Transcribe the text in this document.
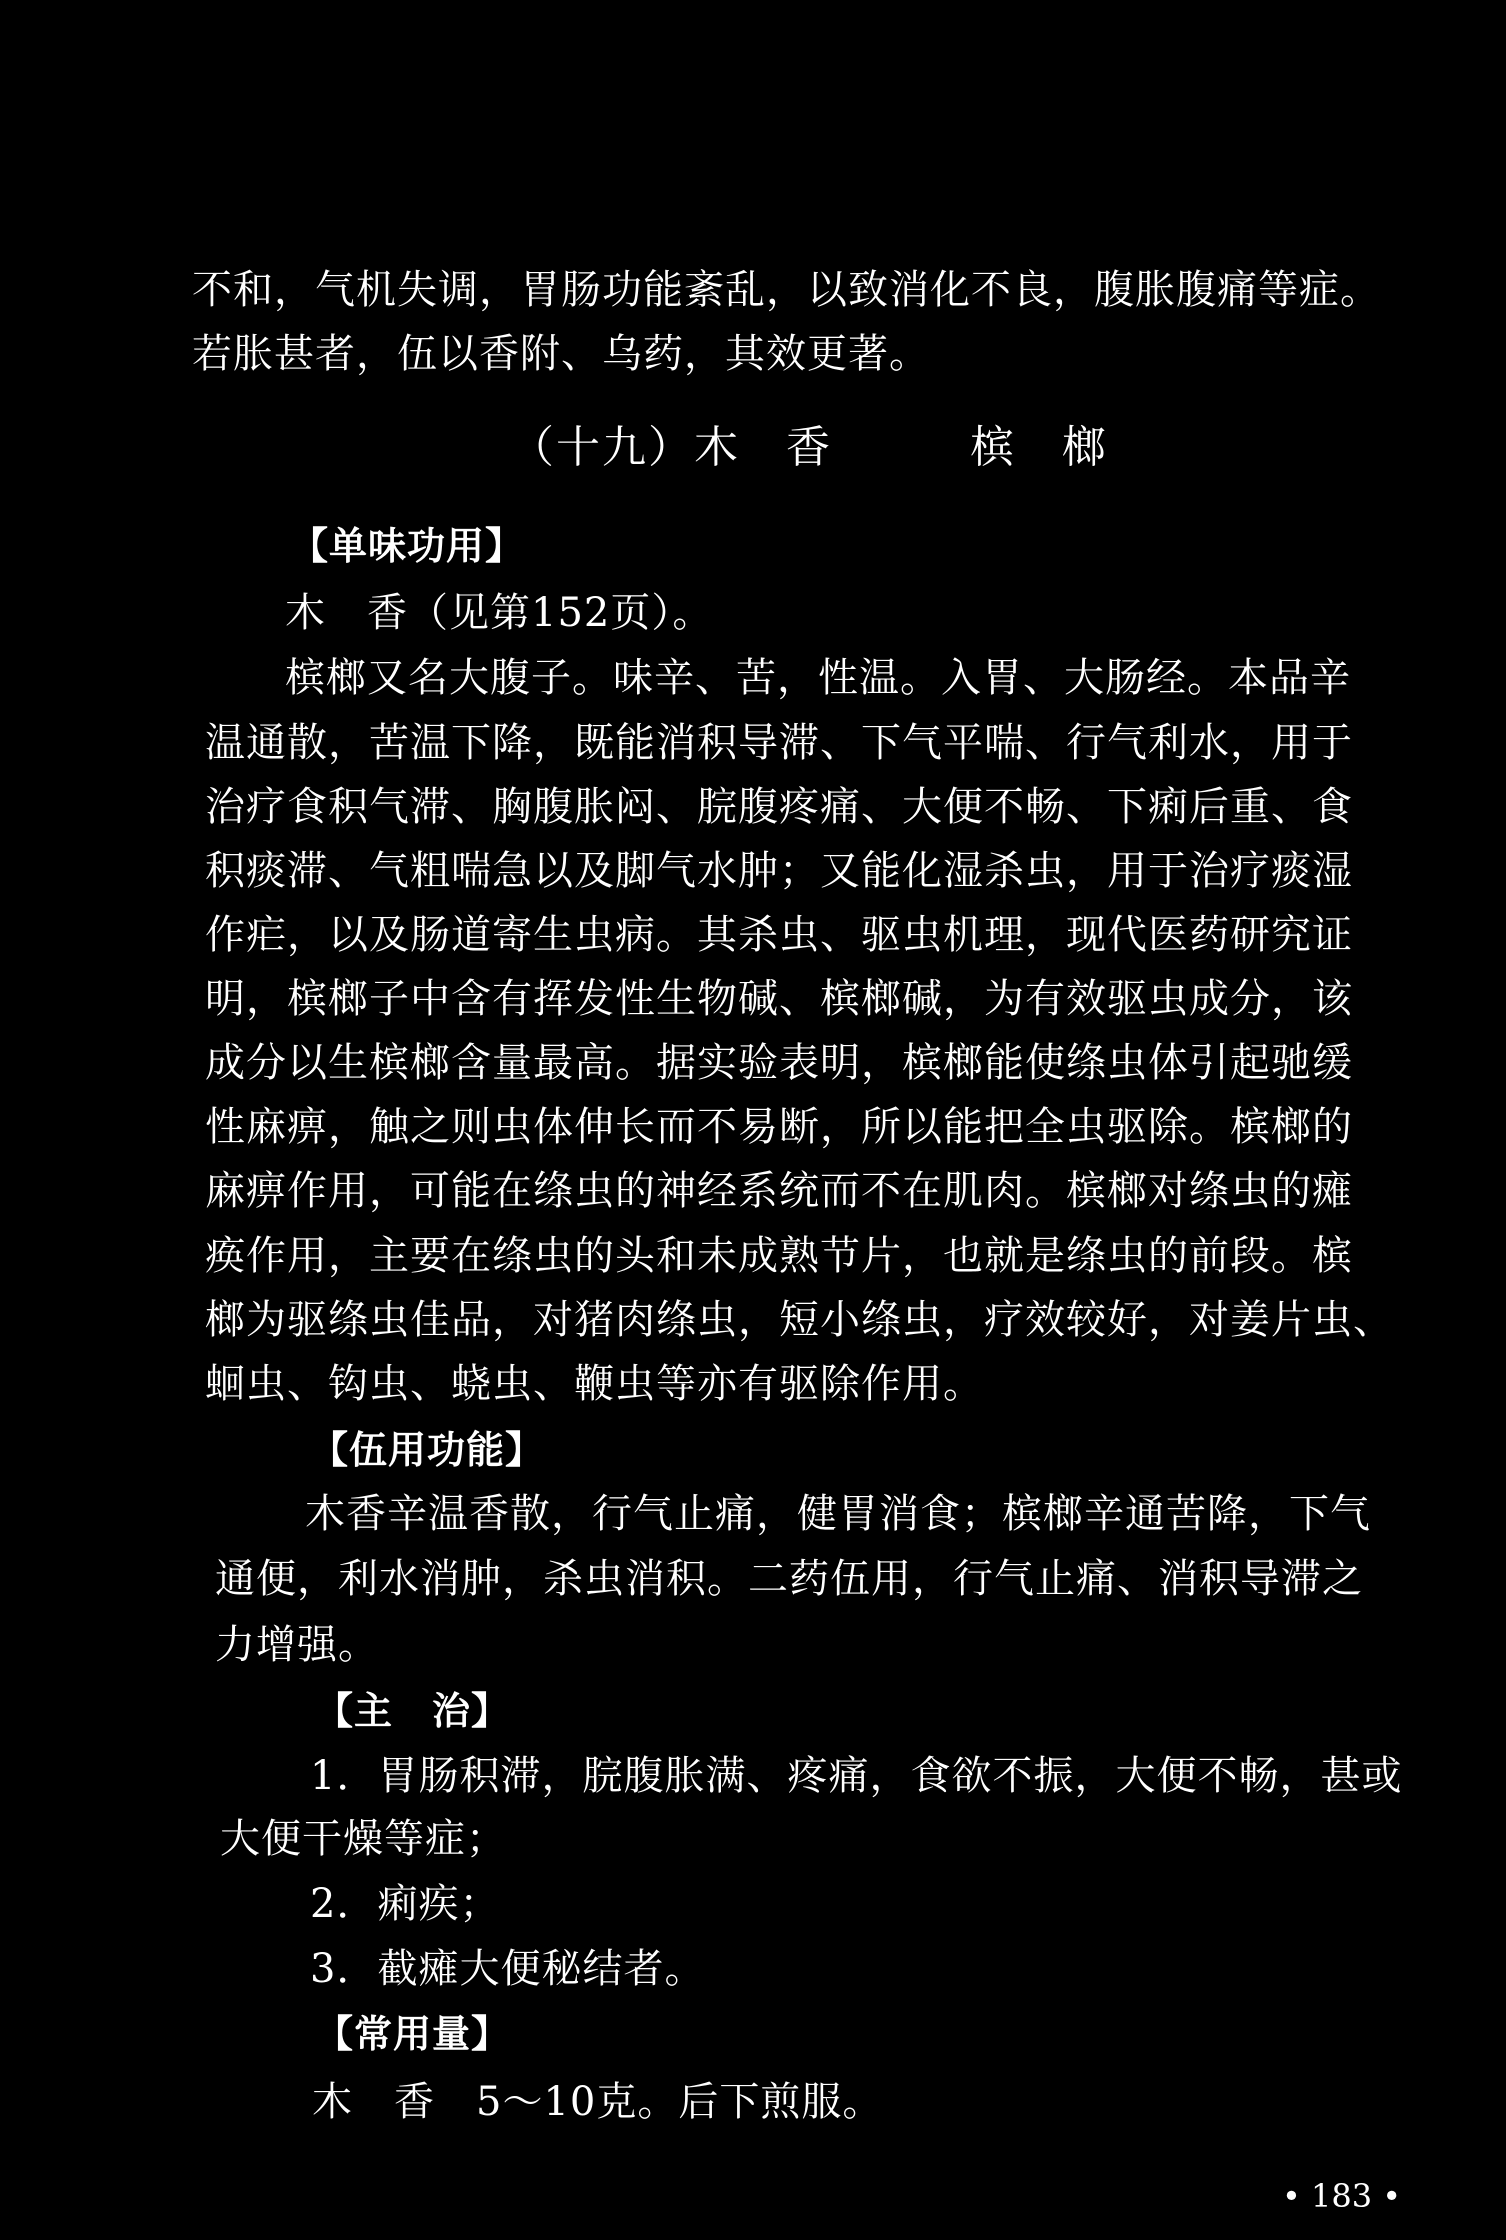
不和，气机失调，胃肠功能紊乱，以致消化不良，腹胀腹痛等症。
若胀甚者，伍以香附、乌药，其效更著。
（十九）木　香　　　槟　榔
【单味功用】
木　香（见第152页）。
槟榔又名大腹子。味辛、苦，性温。入胃、大肠经。本品辛
温通散，苦温下降，既能消积导滞、下气平喘、行气利水，用于
治疗食积气滞、胸腹胀闷、脘腹疼痛、大便不畅、下痢后重、食
积痰滞、气粗喘急以及脚气水肿；又能化湿杀虫，用于治疗痰湿
作疟，以及肠道寄生虫病。其杀虫、驱虫机理，现代医药研究证
明，槟榔子中含有挥发性生物碱、槟榔碱，为有效驱虫成分，该
成分以生槟榔含量最高。据实验表明，槟榔能使绦虫体引起驰缓
性麻痹，触之则虫体伸长而不易断，所以能把全虫驱除。槟榔的
麻痹作用，可能在绦虫的神经系统而不在肌肉。槟榔对绦虫的瘫
痪作用，主要在绦虫的头和未成熟节片，也就是绦虫的前段。槟
榔为驱绦虫佳品，对猪肉绦虫，短小绦虫，疗效较好，对姜片虫、
蛔虫、钩虫、蛲虫、鞭虫等亦有驱除作用。
【伍用功能】
木香辛温香散，行气止痛，健胃消食；槟榔辛通苦降，下气
通便，利水消肿，杀虫消积。二药伍用，行气止痛、消积导滞之
力增强。
【主　治】
1．胃肠积滞，脘腹胀满、疼痛，食欲不振，大便不畅，甚或
大便干燥等症；
2．痢疾；
3．截瘫大便秘结者。
【常用量】
木　香　5～10克。后下煎服。
• 183 •
